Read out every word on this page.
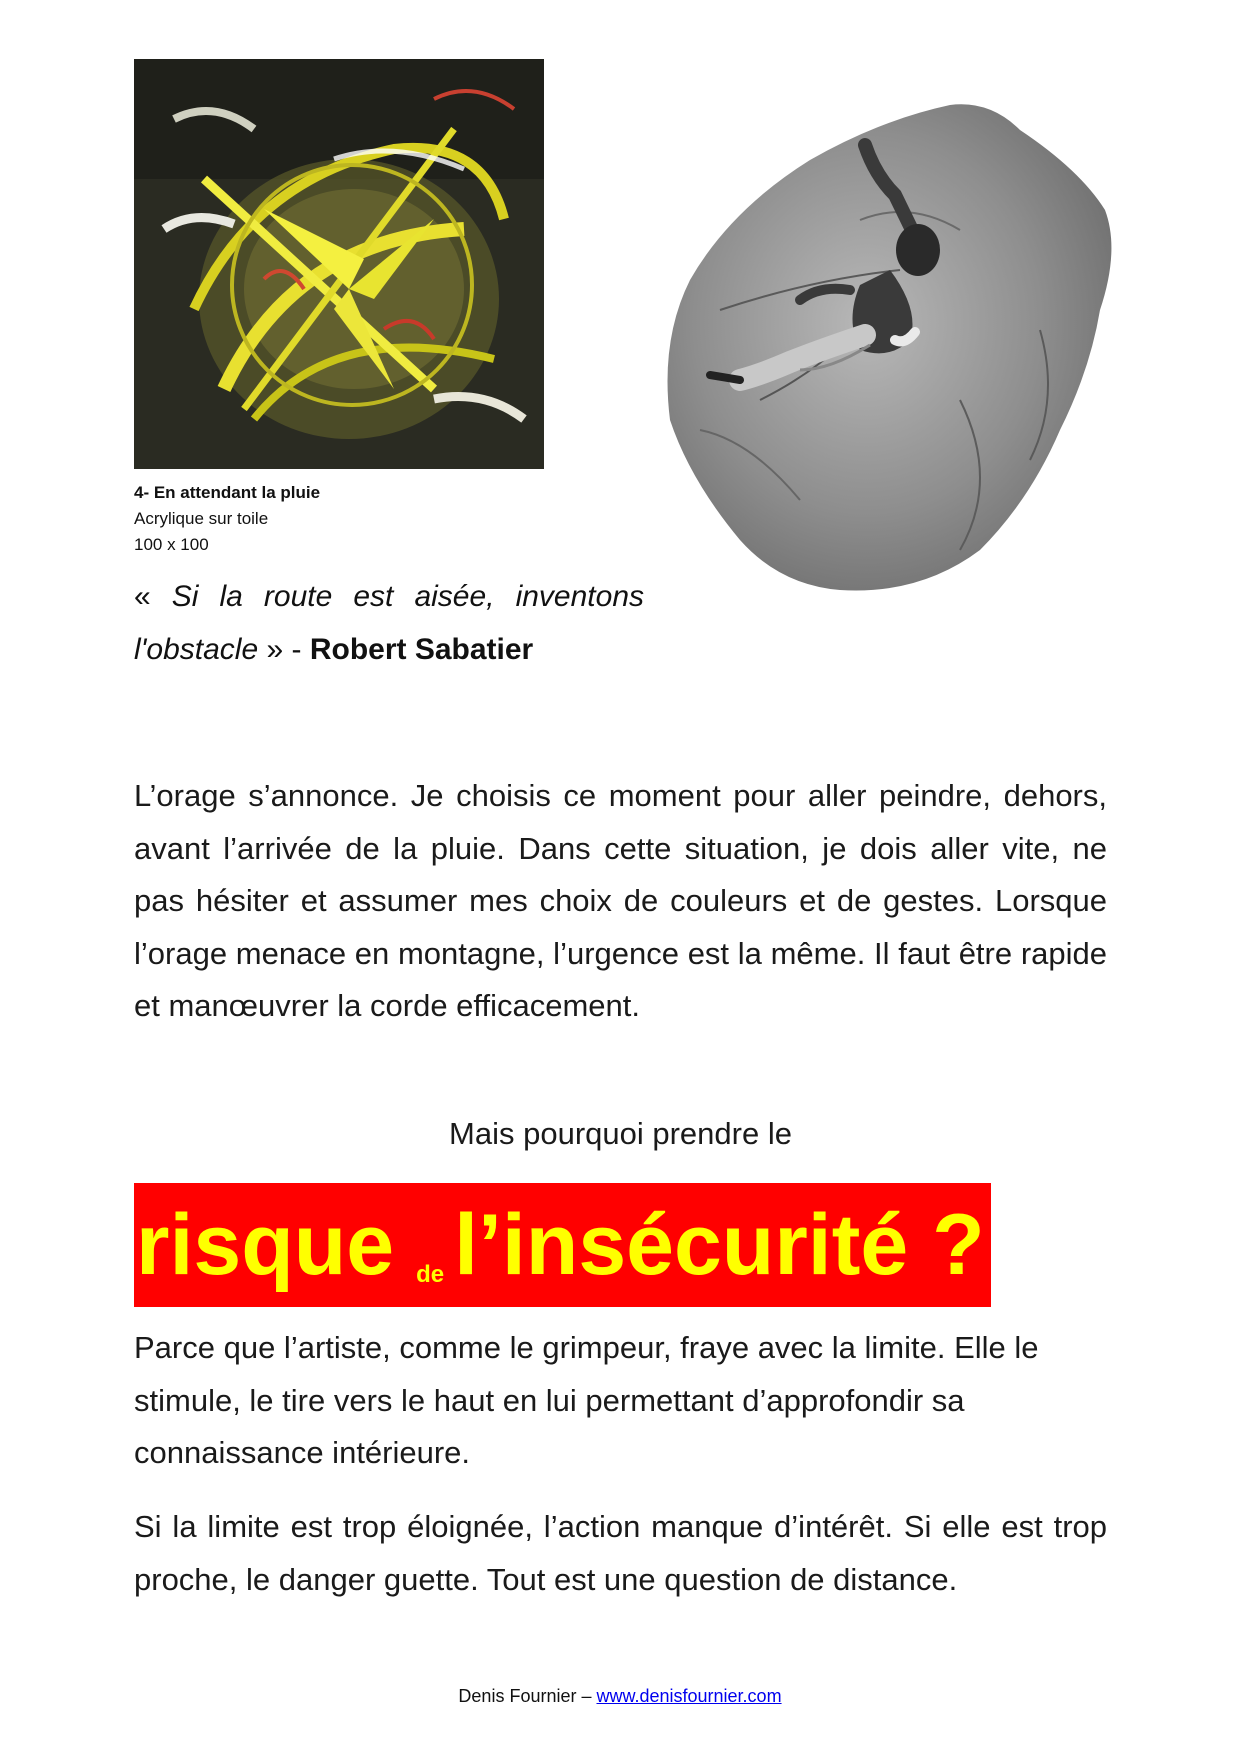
4- En attendant la pluie
Acrylique sur toile
100 x 100
« Si la route est aisée, inventons l'obstacle » - Robert Sabatier

L’orage s’annonce. Je choisis ce moment pour aller peindre, dehors, avant l’arrivée de la pluie. Dans cette situation, je dois aller vite, ne pas hésiter et assumer mes choix de couleurs et de gestes. Lorsque l’orage menace en montagne, l’urgence est la même. Il faut être rapide et manœuvrer la corde efficacement.

Mais pourquoi prendre le
risque de l’insécurité ?

Parce que l’artiste, comme le grimpeur, fraye avec la limite. Elle le stimule, le tire vers le haut en lui permettant d’approfondir sa connaissance intérieure.

Si la limite est trop éloignée, l’action manque d’intérêt. Si elle est trop proche, le danger guette. Tout est une question de distance.

Denis Fournier – www.denisfournier.com
